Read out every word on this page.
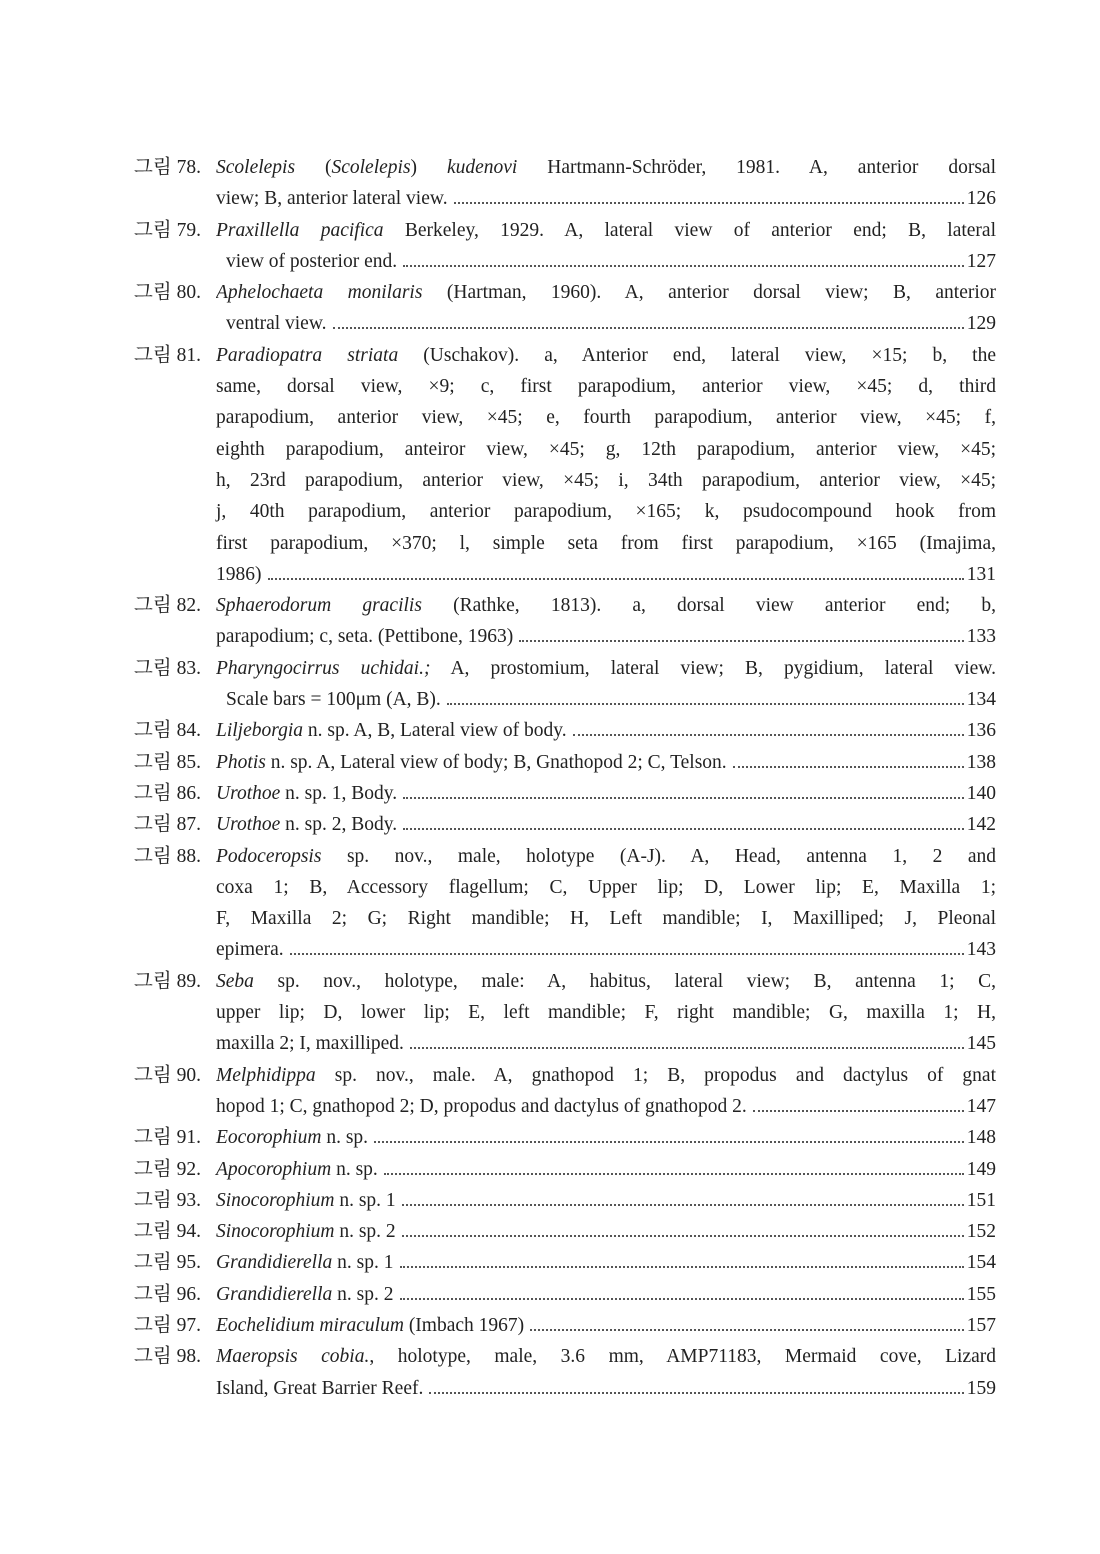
그림 78. Scolelepis (Scolelepis) kudenovi Hartmann-Schröder, 1981. A, anterior dorsal
view; B, anterior lateral view.	126
그림 79. Praxillella pacifica Berkeley, 1929. A, lateral view of anterior end; B, lateral
view of posterior end.	127
그림 80. Aphelochaeta monilaris (Hartman, 1960). A, anterior dorsal view; B, anterior
ventral view.	129
그림 81. Paradiopatra striata (Uschakov). a, Anterior end, lateral view, ×15; b, the
same, dorsal view, ×9; c, first parapodium, anterior view, ×45; d, third
parapodium, anterior view, ×45; e, fourth parapodium, anterior view, ×45; f,
eighth parapodium, anteiror view, ×45; g, 12th parapodium, anterior view, ×45;
h, 23rd parapodium, anterior view, ×45; i, 34th parapodium, anterior view, ×45;
j, 40th parapodium, anterior parapodium, ×165; k, psudocompound hook from
first parapodium, ×370; l, simple seta from first parapodium, ×165 (Imajima,
1986)	131
그림 82. Sphaerodorum gracilis (Rathke, 1813). a, dorsal view anterior end; b,
parapodium; c, seta. (Pettibone, 1963)	133
그림 83. Pharyngocirrus uchidai.; A, prostomium, lateral view; B, pygidium, lateral view.
Scale bars = 100μm (A, B).	134
그림 84. Liljeborgia n. sp. A, B, Lateral view of body.	136
그림 85. Photis n. sp. A, Lateral view of body; B, Gnathopod 2; C, Telson.	138
그림 86. Urothoe n. sp. 1, Body.	140
그림 87. Urothoe n. sp. 2, Body.	142
그림 88. Podoceropsis sp. nov., male, holotype (A-J). A, Head, antenna 1, 2 and
coxa 1; B, Accessory flagellum; C, Upper lip; D, Lower lip; E, Maxilla 1;
F, Maxilla 2; G; Right mandible; H, Left mandible; I, Maxilliped; J, Pleonal
epimera.	143
그림 89. Seba sp. nov., holotype, male: A, habitus, lateral view; B, antenna 1; C,
upper lip; D, lower lip; E, left mandible; F, right mandible; G, maxilla 1; H,
maxilla 2; I, maxilliped.	145
그림 90. Melphidippa sp. nov., male. A, gnathopod 1; B, propodus and dactylus of gnat
hopod 1; C, gnathopod 2; D, propodus and dactylus of gnathopod 2.	147
그림 91. Eocorophium n. sp.	148
그림 92. Apocorophium n. sp.	149
그림 93. Sinocorophium n. sp. 1	151
그림 94. Sinocorophium n. sp. 2	152
그림 95. Grandidierella n. sp. 1	154
그림 96. Grandidierella n. sp. 2	155
그림 97. Eochelidium miraculum (Imbach 1967)	157
그림 98. Maeropsis cobia., holotype, male, 3.6 mm, AMP71183, Mermaid cove, Lizard
Island, Great Barrier Reef.	159
